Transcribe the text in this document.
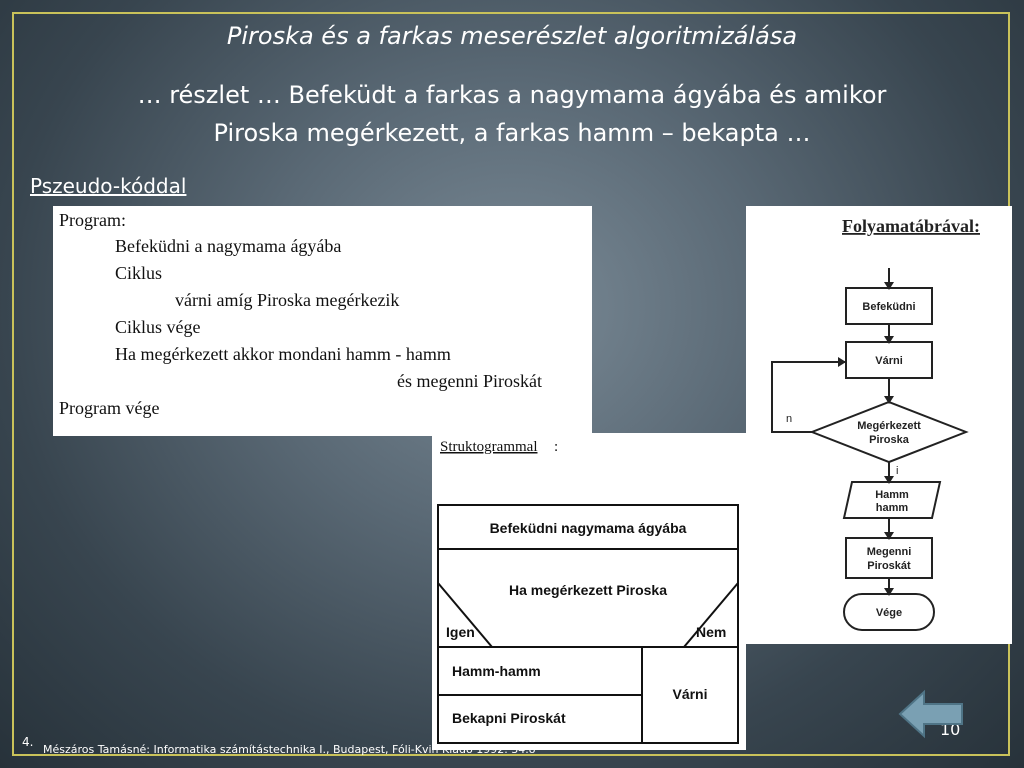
Piroska és a farkas meserészlet algoritmizálása
… részlet … Befeküdt a farkas a nagymama ágyába és amikor
Piroska megérkezett, a farkas hamm – bekapta …
Pszeudo-kóddal
Program:
Befeküdni a nagymama ágyába
Ciklus
várni amíg Piroska megérkezik
Ciklus vége
Ha megérkezett akkor mondani hamm - hamm
és megenni Piroskát
Program vége
Struktogrammal :
Befeküdni nagymama ágyába
Ha megérkezett Piroska
Igen	Nem
Hamm-hamm
Bekapni Piroskát
Várni
Folyamatábrával:
Befeküdni
Várni
Megérkezett
Piroska
Hamm
hamm
Megenni
Piroskát
Vége
n
i
4.
Mészáros Tamásné: Informatika számítástechnika I., Budapest, Fóli-Kvin Kiadó 1992. 34.o
10
